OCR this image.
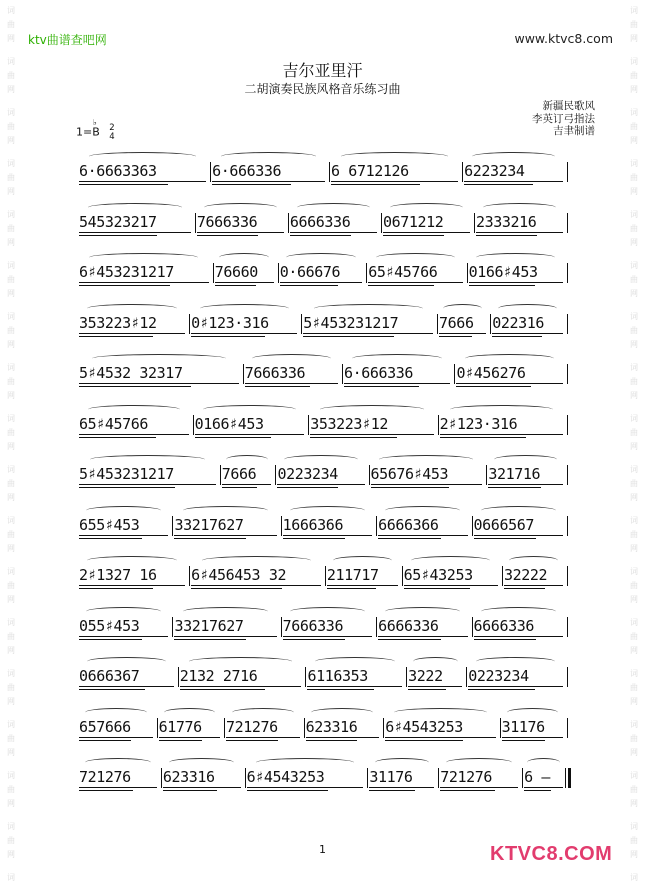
词
曲
网
词
曲
网
词
曲
网
词
曲
网
词
曲
网
词
曲
网
词
曲
网
词
曲
网
词
曲
网
词
曲
网
词
曲
网
词
曲
网
词
曲
网
词
曲
网
词
曲
网
词
曲
网
词
曲
网
词
词
曲
网
词
曲
网
词
曲
网
词
曲
网
词
曲
网
词
曲
网
词
曲
网
词
曲
网
词
曲
网
词
曲
网
词
曲
网
词
曲
网
词
曲
网
词
曲
网
词
曲
网
词
曲
网
词
曲
网
词
ktv曲谱查吧网	www.ktvc8.com
吉尔亚里汗
二胡演奏民族风格音乐练习曲
新疆民歌风
李英订弓指法
吉聿制谱
1=
♭
B 2
4
6·6663363	6·666336	6 6712126	6223234
545323217	7666336	6666336	0671212	2333216
6♯453231217	76660	0·66676	65♯45766	0166♯453
353223♯12	0♯123·316	5♯453231217	7666	022316
5♯4532 32317	7666336	6·666336	0♯456276
65♯45766	0166♯453	353223♯12	2♯123·316
5♯453231217	7666	0223234	65676♯453	321716
655♯453	33217627	1666366	6666366	0666567
2♯1327 16	6♯456453 32	211717	65♯43253	32222
055♯453	33217627	7666336	6666336	6666336
0666367	2132 2716	6116353	3222	0223234
657666	61776	721276	623316	6♯4543253	31176
721276	623316	6♯4543253	31176	721276	6 —
1	KTVC8.COM
